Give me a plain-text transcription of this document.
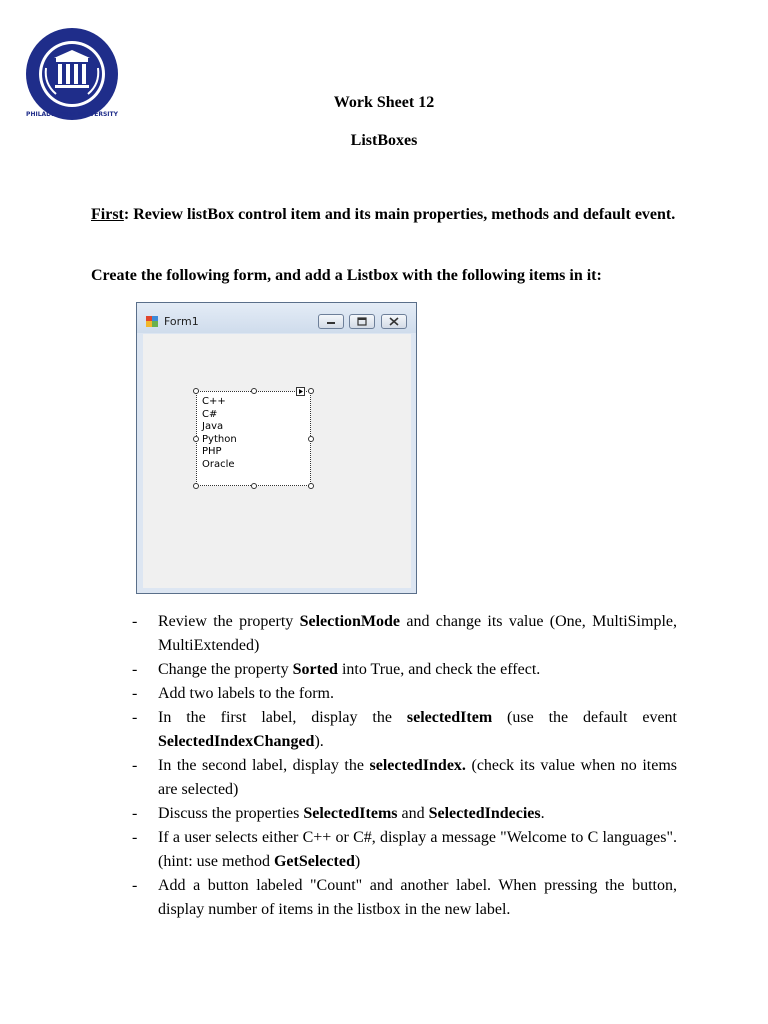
PHILADELPHIA UNIVERSITY
Work Sheet 12
ListBoxes
First: Review listBox control item and its main properties, methods and default event.
Create the following form, and add a Listbox with the following items in it:
Form1
C++
C#
Java
Python
PHP
Oracle
- Review the property SelectionMode and change its value (One, MultiSimple, MultiExtended)
- Change the property Sorted into True, and check the effect.
- Add two labels to the form.
- In the first label, display the selectedItem (use the default event SelectedIndexChanged).
- In the second label, display the selectedIndex. (check its value when no items are selected)
- Discuss the properties SelectedItems and SelectedIndecies.
- If a user selects either C++ or C#, display a message "Welcome to C languages". (hint: use method GetSelected)
- Add a button labeled "Count" and another label. When pressing the button, display number of items in the listbox in the new label.
